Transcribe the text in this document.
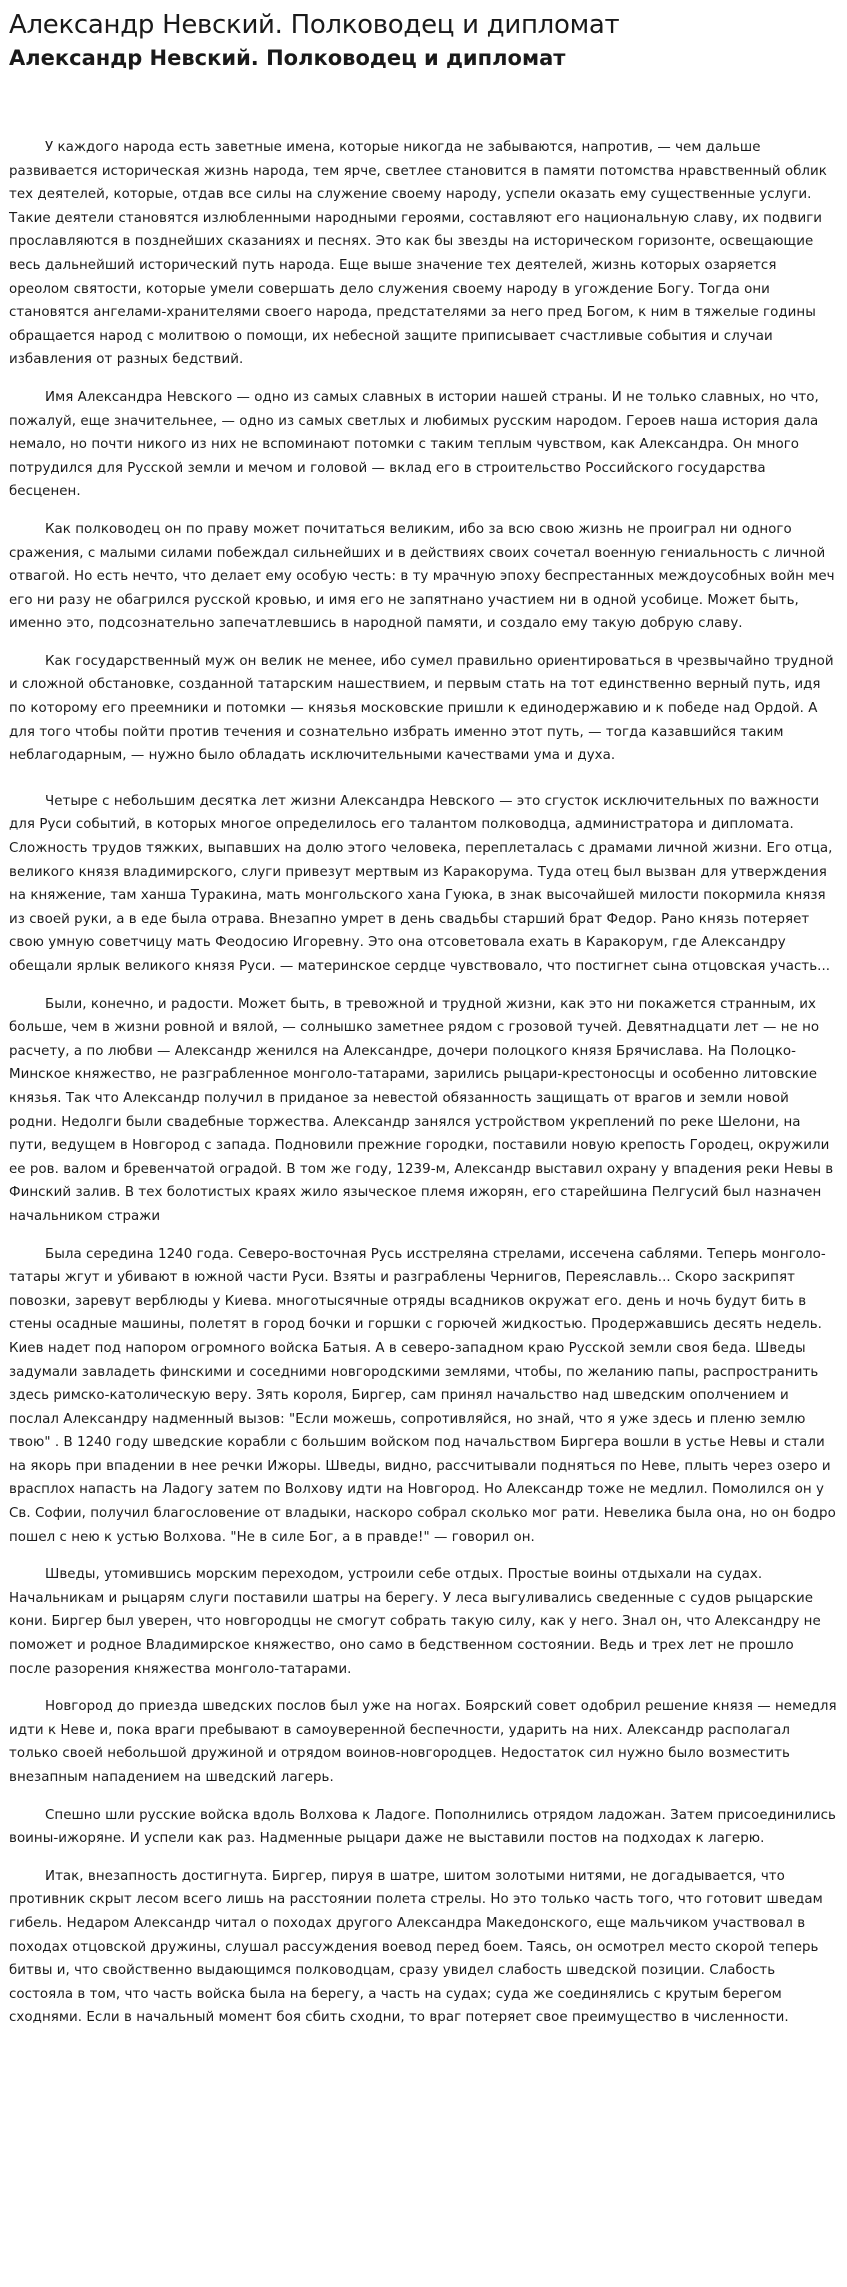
Александр Невский. Полководец и дипломат
Александр Невский. Полководец и дипломат

У каждого народа есть заветные имена, которые никогда не забываются, напротив, — чем дальше развивается историческая жизнь народа, тем ярче, светлее становится в памяти потомства нравственный облик тех деятелей, которые, отдав все силы на служение своему народу, успели оказать ему существенные услуги. Такие деятели становятся излюбленными народными героями, составляют его национальную славу, их подвиги прославляются в позднейших сказаниях и песнях. Это как бы звезды на историческом горизонте, освещающие весь дальнейший исторический путь народа. Еще выше значение тех деятелей, жизнь которых озаряется ореолом святости, которые умели совершать дело служения своему народу в угождение Богу. Тогда они становятся ангелами-хранителями своего народа, предстателями за него пред Богом, к ним в тяжелые годины обращается народ с молитвою о помощи, их небесной защите приписывает счастливые события и случаи избавления от разных бедствий.

Имя Александра Невского — одно из самых славных в истории нашей страны. И не только славных, но что, пожалуй, еще значительнее, — одно из самых светлых и любимых русским народом. Героев наша история дала немало, но почти никого из них не вспоминают потомки с таким теплым чувством, как Александра. Он много потрудился для Русской земли и мечом и головой — вклад его в строительство Российского государства бесценен.

Как полководец он по праву может почитаться великим, ибо за всю свою жизнь не проиграл ни одного сражения, с малыми силами побеждал сильнейших и в действиях своих сочетал военную гениальность с личной отвагой. Но есть нечто, что делает ему особую честь: в ту мрачную эпоху беспрестанных междоусобных войн меч его ни разу не обагрился русской кровью, и имя его не запятнано участием ни в одной усобице. Может быть, именно это, подсознательно запечатлевшись в народной памяти, и создало ему такую добрую славу.

Как государственный муж он велик не менее, ибо сумел правильно ориентироваться в чрезвычайно трудной и сложной обстановке, созданной татарским нашествием, и первым стать на тот единственно верный путь, идя по которому его преемники и потомки — князья московские пришли к единодержавию и к победе над Ордой. А для того чтобы пойти против течения и сознательно избрать именно этот путь, — тогда казавшийся таким неблагодарным, — нужно было обладать исключительными качествами ума и духа.

Четыре с небольшим десятка лет жизни Александра Невского — это сгусток исключительных по важности для Руси событий, в которых многое определилось его талантом полководца, администратора и дипломата. Сложность трудов тяжких, выпавших на долю этого человека, переплеталась с драмами личной жизни. Его отца, великого князя владимирского, слуги привезут мертвым из Каракорума. Туда отец был вызван для утверждения на княжение, там ханша Туракина, мать монгольского хана Гуюка, в знак высочайшей милости покормила князя из своей руки, а в еде была отрава. Внезапно умрет в день свадьбы старший брат Федор. Рано князь потеряет свою умную советчицу мать Феодосию Игоревну. Это она отсоветовала ехать в Каракорум, где Александру обещали ярлык великого князя Руси. — материнское сердце чувствовало, что постигнет сына отцовская участь...

Были, конечно, и радости. Может быть, в тревожной и трудной жизни, как это ни покажется странным, их больше, чем в жизни ровной и вялой, — солнышко заметнее рядом с грозовой тучей. Девятнадцати лет — не но расчету, а по любви — Александр женился на Александре, дочери полоцкого князя Брячислава. На Полоцко-Минское княжество, не разграбленное монголо-татарами, зарились рыцари-крестоносцы и особенно литовские князья. Так что Александр получил в приданое за невестой обязанность защищать от врагов и земли новой родни. Недолги были свадебные торжества. Александр занялся устройством укреплений по реке Шелони, на пути, ведущем в Новгород с запада. Подновили прежние городки, поставили новую крепость Городец, окружили ее ров. валом и бревенчатой оградой. В том же году, 1239-м, Александр выставил охрану у впадения реки Невы в Финский залив. В тех болотистых краях жило языческое племя ижорян, его старейшина Пелгусий был назначен начальником стражи

Была середина 1240 года. Северо-восточная Русь исстреляна стрелами, иссечена саблями. Теперь монголо-татары жгут и убивают в южной части Руси. Взяты и разграблены Чернигов, Переяславль... Скоро заскрипят повозки, заревут верблюды у Киева. многотысячные отряды всадников окружат его. день и ночь будут бить в стены осадные машины, полетят в город бочки и горшки с горючей жидкостью. Продержавшись десять недель. Киев надет под напором огромного войска Батыя. А в северо-западном краю Русской земли своя беда. Шведы задумали завладеть финскими и соседними новгородскими землями, чтобы, по желанию папы, распространить здесь римско-католическую веру. Зять короля, Биргер, сам принял начальство над шведским ополчением и послал Александру надменный вызов: "Если можешь, сопротивляйся, но знай, что я уже здесь и пленю землю твою" . В 1240 году шведские корабли с большим войском под начальством Биргера вошли в устье Невы и стали на якорь при впадении в нее речки Ижоры. Шведы, видно, рассчитывали подняться по Неве, плыть через озеро и врасплох напасть на Ладогу затем по Волхову идти на Новгород. Но Александр тоже не медлил. Помолился он у Св. Софии, получил благословение от владыки, наскоро собрал сколько мог рати. Невелика была она, но он бодро пошел с нею к устью Волхова. "Не в силе Бог, а в правде!" — говорил он.

Шведы, утомившись морским переходом, устроили себе отдых. Простые воины отдыхали на судах. Начальникам и рыцарям слуги поставили шатры на берегу. У леса выгуливались сведенные с судов рыцарские кони. Биргер был уверен, что новгородцы не смогут собрать такую силу, как у него. Знал он, что Александру не поможет и родное Владимирское княжество, оно само в бедственном состоянии. Ведь и трех лет не прошло после разорения княжества монголо-татарами.

Новгород до приезда шведских послов был уже на ногах. Боярский совет одобрил решение князя — немедля идти к Неве и, пока враги пребывают в самоуверенной беспечности, ударить на них. Александр располагал только своей небольшой дружиной и отрядом воинов-новгородцев. Недостаток сил нужно было возместить внезапным нападением на шведский лагерь.

Спешно шли русские войска вдоль Волхова к Ладоге. Пополнились отрядом ладожан. Затем присоединились воины-ижоряне. И успели как раз. Надменные рыцари даже не выставили постов на подходах к лагерю.

Итак, внезапность достигнута. Биргер, пируя в шатре, шитом золотыми нитями, не догадывается, что противник скрыт лесом всего лишь на расстоянии полета стрелы. Но это только часть того, что готовит шведам гибель. Недаром Александр читал о походах другого Александра Македонского, еще мальчиком участвовал в походах отцовской дружины, слушал рассуждения воевод перед боем. Таясь, он осмотрел место скорой теперь битвы и, что свойственно выдающимся полководцам, сразу увидел слабость шведской позиции. Слабость состояла в том, что часть войска была на берегу, а часть на судах; суда же соединялись с крутым берегом сходнями. Если в начальный момент боя сбить сходни, то враг потеряет свое преимущество в численности.
